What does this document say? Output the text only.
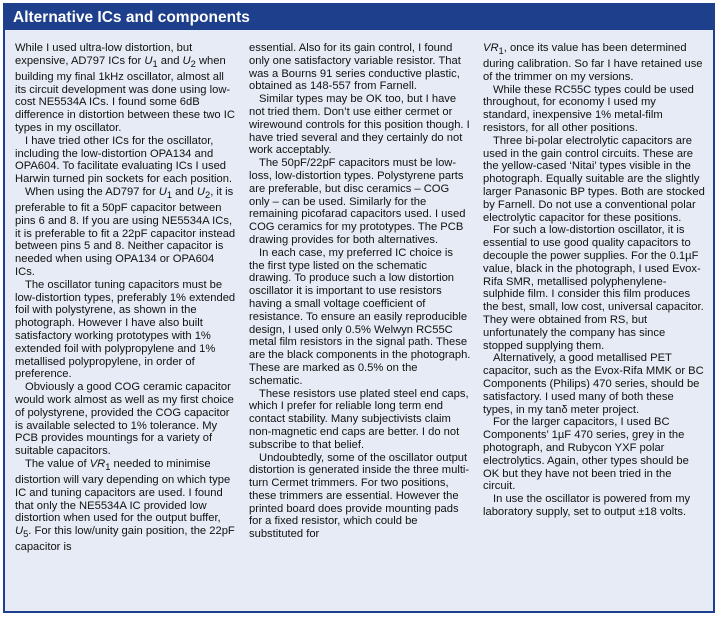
Alternative ICs and components

While I used ultra-low distortion, but expensive, AD797 ICs for $U_1$ and $U_2$ when building my final 1kHz oscillator, almost all its circuit development was done using low-cost NE5534A ICs. I found some 6dB difference in distortion between these two IC types in my oscillator.

I have tried other ICs for the oscillator, including the low-distortion OPA134 and OPA604. To facilitate evaluating ICs I used Harwin turned pin sockets for each position.

When using the AD797 for $U_1$ and $U_2$, it is preferable to fit a 50pF capacitor between pins 6 and 8. If you are using NE5534A ICs, it is preferable to fit a 22pF capacitor instead between pins 5 and 8. Neither capacitor is needed when using OPA134 or OPA604 ICs.

The oscillator tuning capacitors must be low-distortion types, preferably 1% extended foil with polystyrene, as shown in the photograph. However I have also built satisfactory working prototypes with 1% extended foil with polypropylene and 1% metallised polypropylene, in order of preference.

Obviously a good COG ceramic capacitor would work almost as well as my first choice of polystyrene, provided the COG capacitor is available selected to 1% tolerance. My PCB provides mountings for a variety of suitable capacitors.

The value of $VR_1$ needed to minimise distortion will vary depending on which type IC and tuning capacitors are used. I found that only the NE5534A IC provided low distortion when used for the output buffer, $U_5$. For this low/unity gain position, the 22pF capacitor is

essential. Also for its gain control, I found only one satisfactory variable resistor. That was a Bourns 91 series conductive plastic, obtained as 148-557 from Farnell.

Similar types may be OK too, but I have not tried them. Don’t use either cermet or wirewound controls for this position though. I have tried several and they certainly do not work acceptably.

The 50pF/22pF capacitors must be low-loss, low-distortion types. Polystyrene parts are preferable, but disc ceramics – COG only – can be used. Similarly for the remaining picofarad capacitors used. I used COG ceramics for my prototypes. The PCB drawing provides for both alternatives.

In each case, my preferred IC choice is the first type listed on the schematic drawing. To produce such a low distortion oscillator it is important to use resistors having a small voltage coefficient of resistance. To ensure an easily reproducible design, I used only 0.5% Welwyn RC55C metal film resistors in the signal path. These are the black components in the photograph. These are marked as 0.5% on the schematic.

These resistors use plated steel end caps, which I prefer for reliable long term end contact stability. Many subjectivists claim non-magnetic end caps are better. I do not subscribe to that belief.

Undoubtedly, some of the oscillator output distortion is generated inside the three multi-turn Cermet trimmers. For two positions, these trimmers are essential. However the printed board does provide mounting pads for a fixed resistor, which could be substituted for

$VR_1$, once its value has been determined during calibration. So far I have retained use of the trimmer on my versions.

While these RC55C types could be used throughout, for economy I used my standard, inexpensive 1% metal-film resistors, for all other positions.

Three bi-polar electrolytic capacitors are used in the gain control circuits. These are the yellow-cased ‘Nitai’ types visible in the photograph. Equally suitable are the slightly larger Panasonic BP types. Both are stocked by Farnell. Do not use a conventional polar electrolytic capacitor for these positions.

For such a low-distortion oscillator, it is essential to use good quality capacitors to decouple the power supplies. For the 0.1µF value, black in the photograph, I used Evox-Rifa SMR, metallised polyphenylene-sulphide film. I consider this film produces the best, small, low cost, universal capacitor. They were obtained from RS, but unfortunately the company has since stopped supplying them.

Alternatively, a good metallised PET capacitor, such as the Evox-Rifa MMK or BC Components (Philips) 470 series, should be satisfactory. I used many of both these types, in my tanδ meter project.

For the larger capacitors, I used BC Components’ 1µF 470 series, grey in the photograph, and Rubycon YXF polar electrolytics. Again, other types should be OK but they have not been tried in the circuit.

In use the oscillator is powered from my laboratory supply, set to output ±18 volts.
